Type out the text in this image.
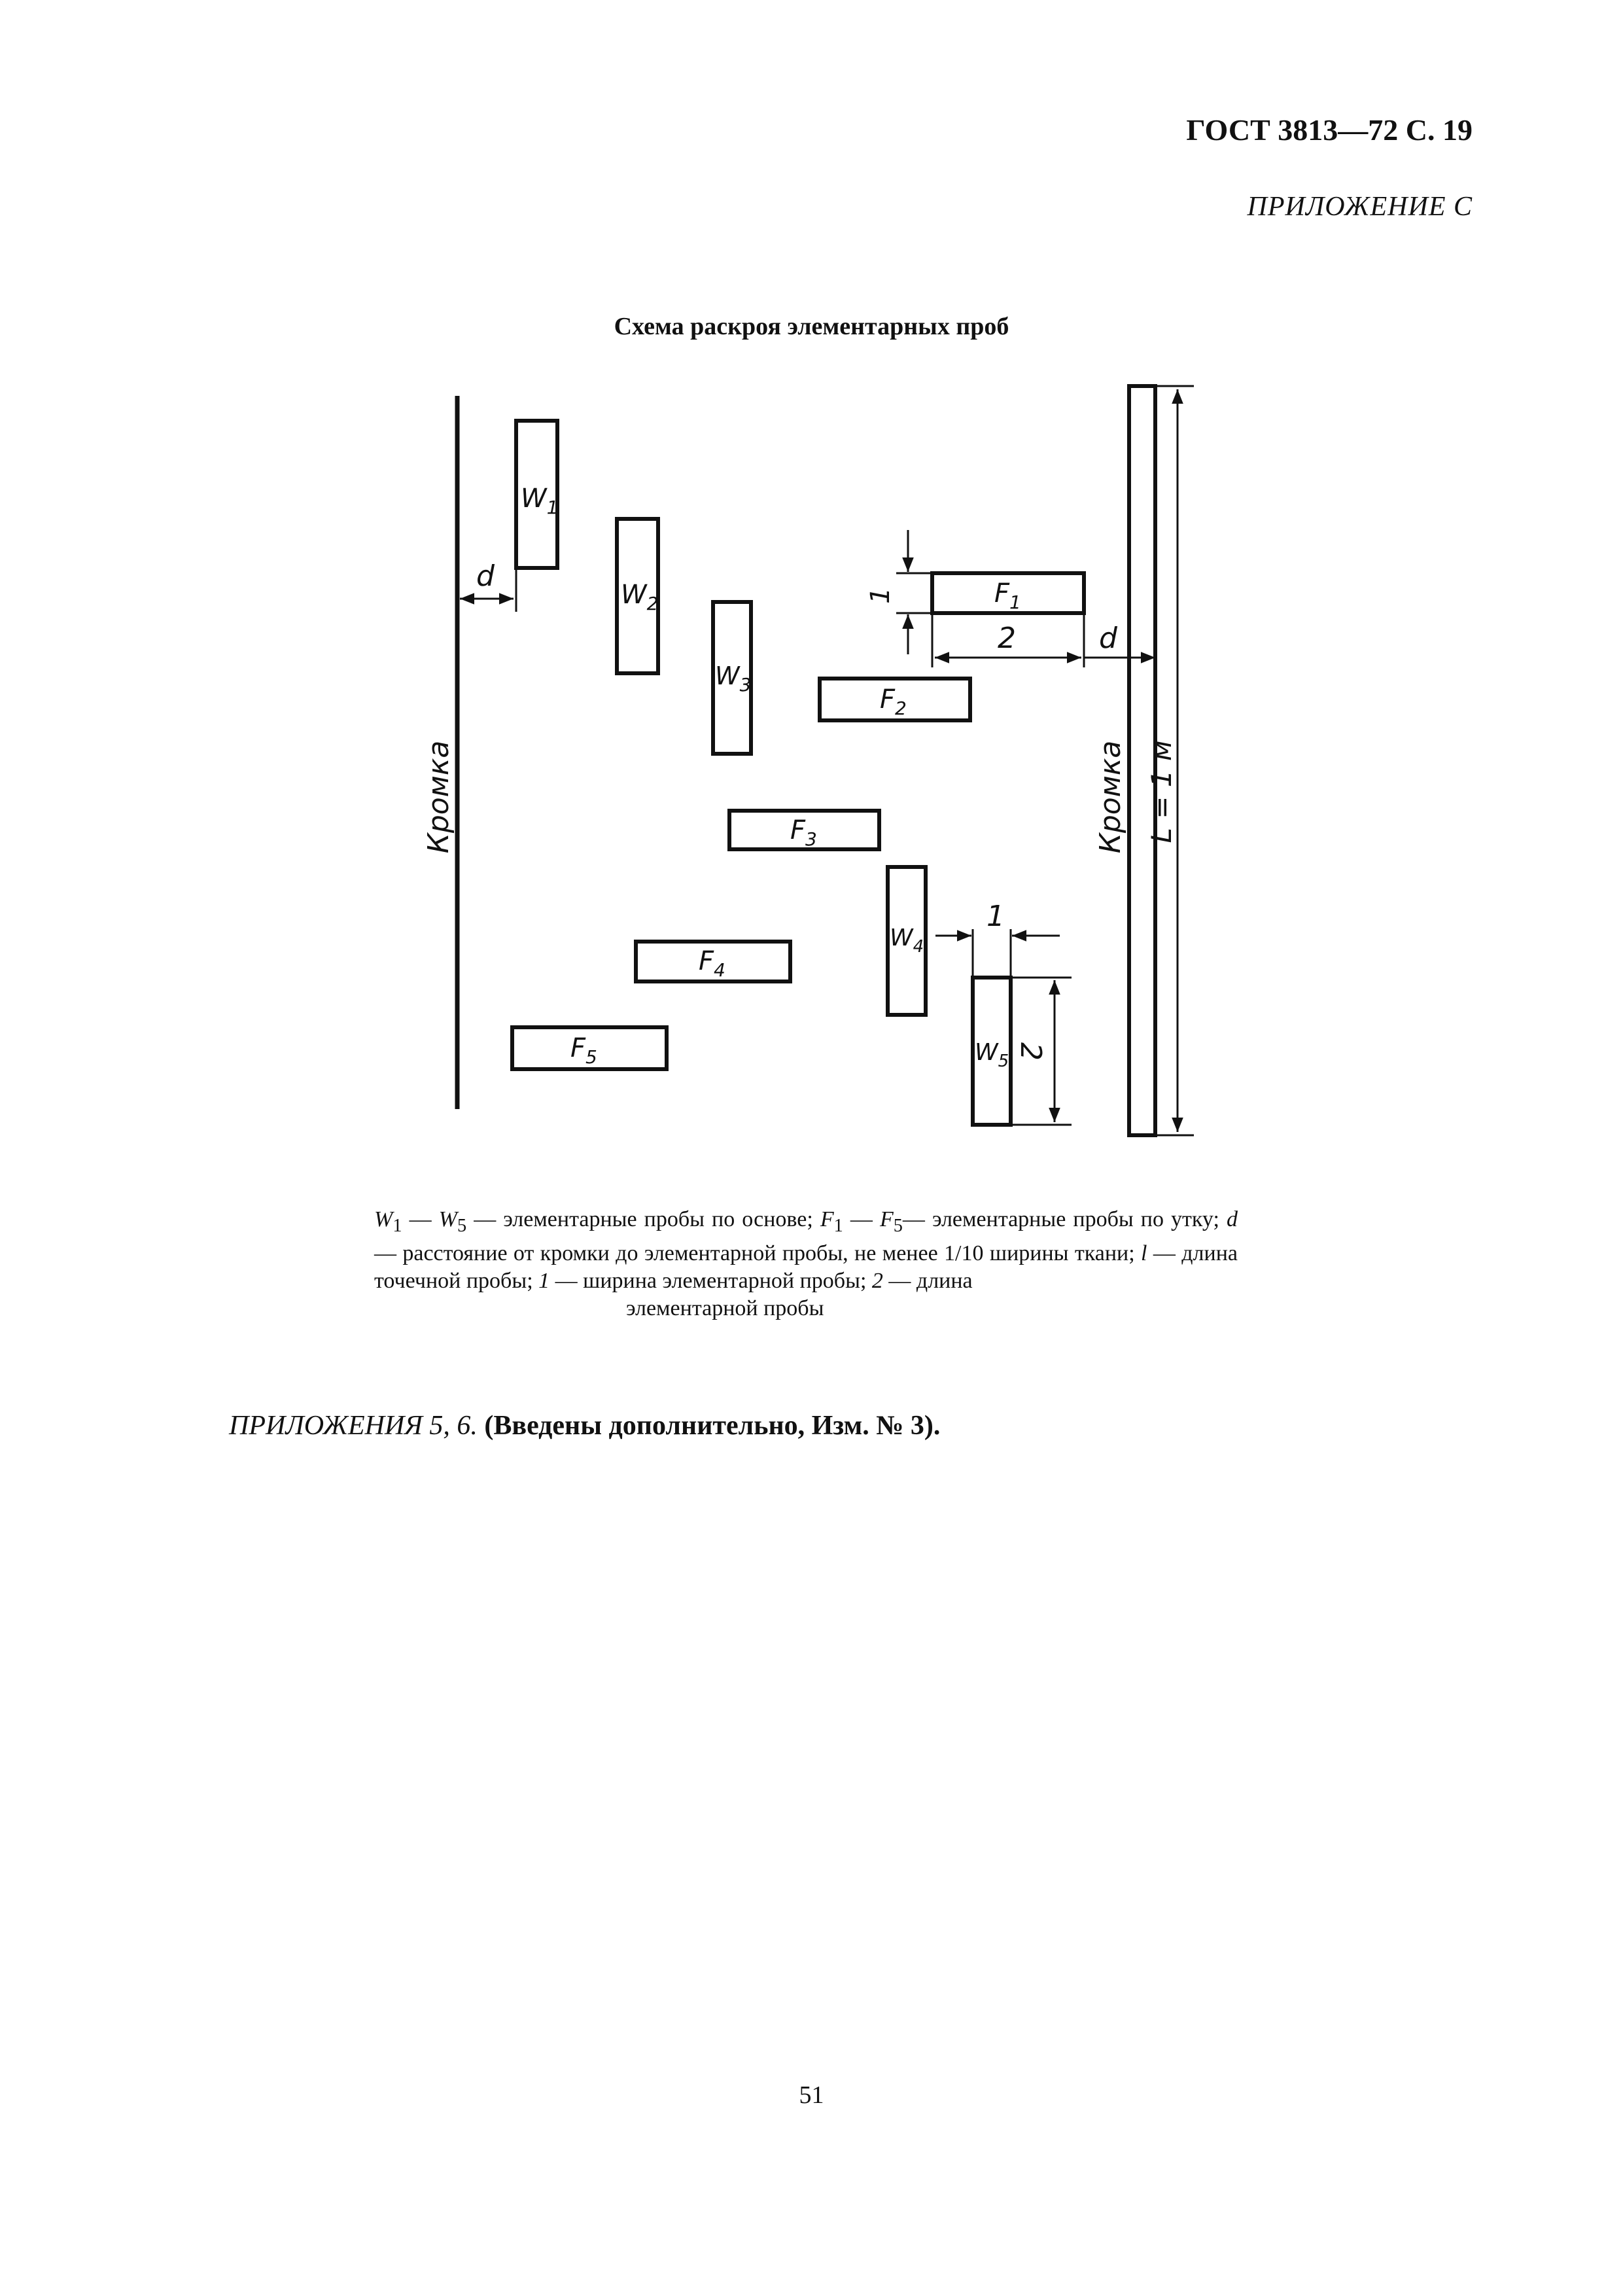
ГОСТ 3813—72 С. 19
ПРИЛОЖЕНИЕ С
Схема раскроя элементарных проб
$W_1$
$W_2$
$W_3$
$W_4$
$W_5$
$F_1$
$F_2$
$F_3$
$F_4$
$F_5$
d
d
1
2
1
2
Кромка	Кромка L = 1 м
$W_1$ — $W_5$ — элементарные пробы по основе; $F_1$ — $F_5—$ элементарные пробы по утку; d — расстояние от кромки до элементарной пробы, не менее 1/10 ширины ткани; l — длина точечной пробы; 1 — ширина элементарной пробы; 2 — длина
элементарной пробы
ПРИЛОЖЕНИЯ 5, 6. (Введены дополнительно, Изм. № 3).
51
